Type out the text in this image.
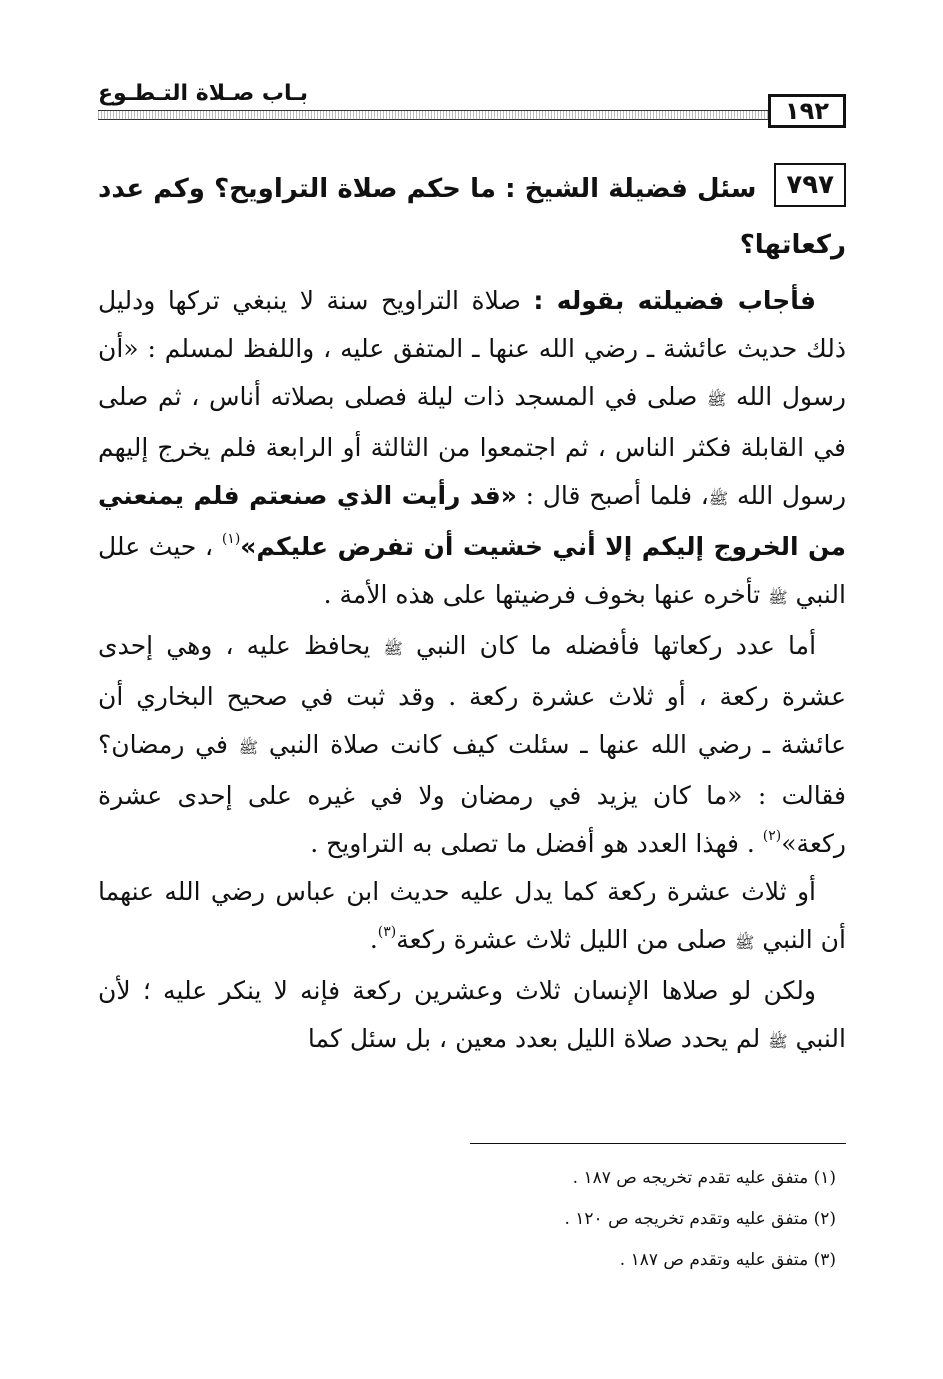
١٩٢
بـاب صـلاة التـطـوع

٧٩٧سئل فضيلة الشيخ : ما حكم صلاة التراويح؟ وكم عدد ركعاتها؟

فأجاب فضيلته بقوله : صلاة التراويح سنة لا ينبغي تركها ودليل ذلك حديث عائشة ـ رضي الله عنها ـ المتفق عليه ، واللفظ لمسلم : «أن رسول الله ﷺ صلى في المسجد ذات ليلة فصلى بصلاته أناس ، ثم صلى في القابلة فكثر الناس ، ثم اجتمعوا من الثالثة أو الرابعة فلم يخرج إليهم رسول الله ﷺ، فلما أصبح قال : «قد رأيت الذي صنعتم فلم يمنعني من الخروج إليكم إلا أني خشيت أن تفرض عليكم»$^{(١)}$ ، حيث علل النبي ﷺ تأخره عنها بخوف فرضيتها على هذه الأمة .

أما عدد ركعاتها فأفضله ما كان النبي ﷺ يحافظ عليه ، وهي إحدى عشرة ركعة ، أو ثلاث عشرة ركعة . وقد ثبت في صحيح البخاري أن عائشة ـ رضي الله عنها ـ سئلت كيف كانت صلاة النبي ﷺ في رمضان؟ فقالت : «ما كان يزيد في رمضان ولا في غيره على إحدى عشرة ركعة»$^{(٢)}$ . فهذا العدد هو أفضل ما تصلى به التراويح .

أو ثلاث عشرة ركعة كما يدل عليه حديث ابن عباس رضي الله عنهما أن النبي ﷺ صلى من الليل ثلاث عشرة ركعة$^{(٣)}$.

ولكن لو صلاها الإنسان ثلاث وعشرين ركعة فإنه لا ينكر عليه ؛ لأن النبي ﷺ لم يحدد صلاة الليل بعدد معين ، بل سئل كما

(١) متفق عليه تقدم تخريجه ص ١٨٧ .

(٢) متفق عليه وتقدم تخريجه ص ١٢٠ .

(٣) متفق عليه وتقدم ص ١٨٧ .
